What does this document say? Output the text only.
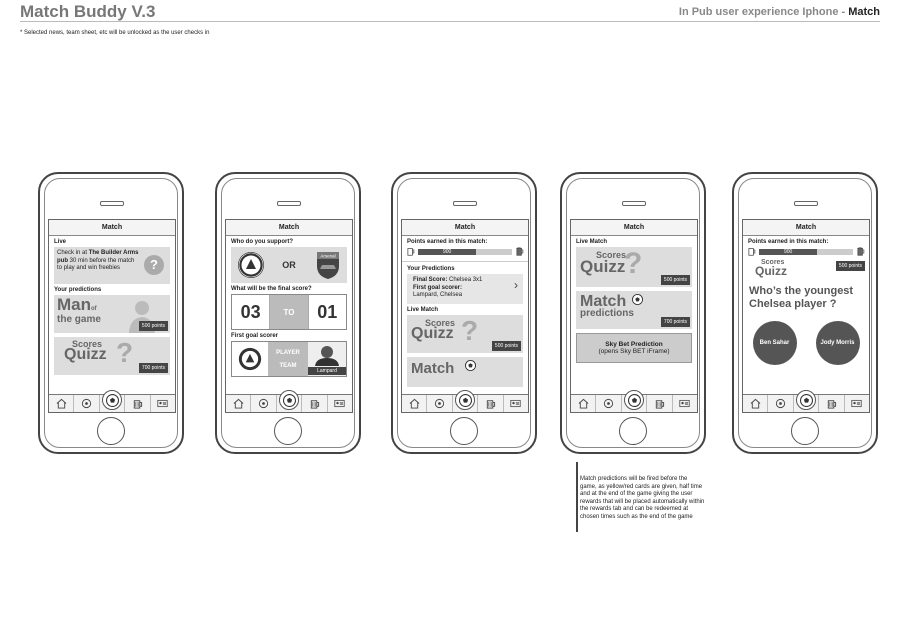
Match Buddy V.3	In Pub user experience Iphone - Match
* Selected news, team sheet, etc will be unlocked as the user checks in
Match
Live
Check in at The Builder Arms pub 30 min before the match to play and win freebies	?
Your predictions
Manof
the game
500 points
Scores
Quizz ?	700 points
Match
Who do you support?
OR
Arsenal
What will be the final score?
03	TO	01
First goal scorer
PLAYER
TEAM
Lampard
Match
Points earned in this match:
900
Your Predictions
Final Score: Chelsea 3x1
First goal scorer:
Lampard, Chelsea
›
Live Match
Scores
Quizz ?	500 points
Match
Match
Live Match
Scores
Quizz
?	500 points
Match
predictions
700 points
Sky Bet Prediction
(opens Sky BET iFrame)
Match
Points earned in this match:
900
Scores
Quizz	500 points
Who’s the youngest Chelsea player ?
Ben Sahar	Jody Morris
Match predictions will be fired before the game, as yellow/red cards are given, half time and at the end of the game giving the user rewards that will be placed automatically within the rewards tab and can be redeemed at chosen times such as the end of the game
